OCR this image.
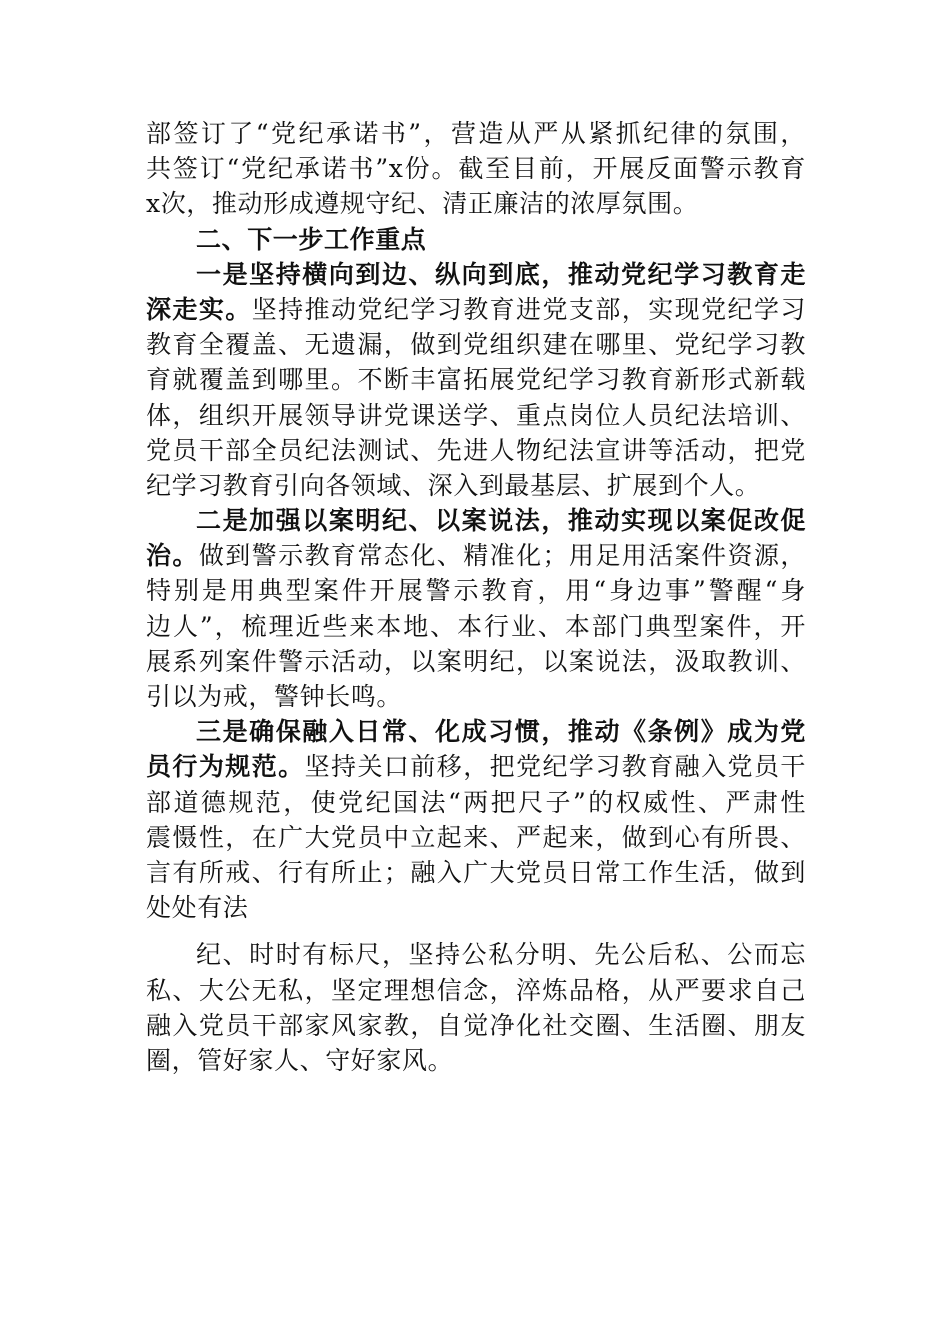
部签订了“党纪承诺书”，营造从严从紧抓纪律的氛围，
共签订“党纪承诺书”x份。截至目前，开展反面警示教育
x次，推动形成遵规守纪、清正廉洁的浓厚氛围。
二、下一步工作重点
一是坚持横向到边、纵向到底，推动党纪学习教育走
深走实。坚持推动党纪学习教育进党支部，实现党纪学习
教育全覆盖、无遗漏，做到党组织建在哪里、党纪学习教
育就覆盖到哪里。不断丰富拓展党纪学习教育新形式新载
体，组织开展领导讲党课送学、重点岗位人员纪法培训、
党员干部全员纪法测试、先进人物纪法宣讲等活动，把党
纪学习教育引向各领域、深入到最基层、扩展到个人。
二是加强以案明纪、以案说法，推动实现以案促改促
治。做到警示教育常态化、精准化；用足用活案件资源，
特别是用典型案件开展警示教育，用“身边事”警醒“身
边人”，梳理近些来本地、本行业、本部门典型案件，开
展系列案件警示活动，以案明纪，以案说法，汲取教训、
引以为戒，警钟长鸣。
三是确保融入日常、化成习惯，推动《条例》成为党
员行为规范。坚持关口前移，把党纪学习教育融入党员干
部道德规范，使党纪国法“两把尺子”的权威性、严肃性
震慑性，在广大党员中立起来、严起来，做到心有所畏、
言有所戒、行有所止；融入广大党员日常工作生活，做到
处处有法
纪、时时有标尺，坚持公私分明、先公后私、公而忘
私、大公无私，坚定理想信念，淬炼品格，从严要求自己
融入党员干部家风家教，自觉净化社交圈、生活圈、朋友
圈，管好家人、守好家风。
